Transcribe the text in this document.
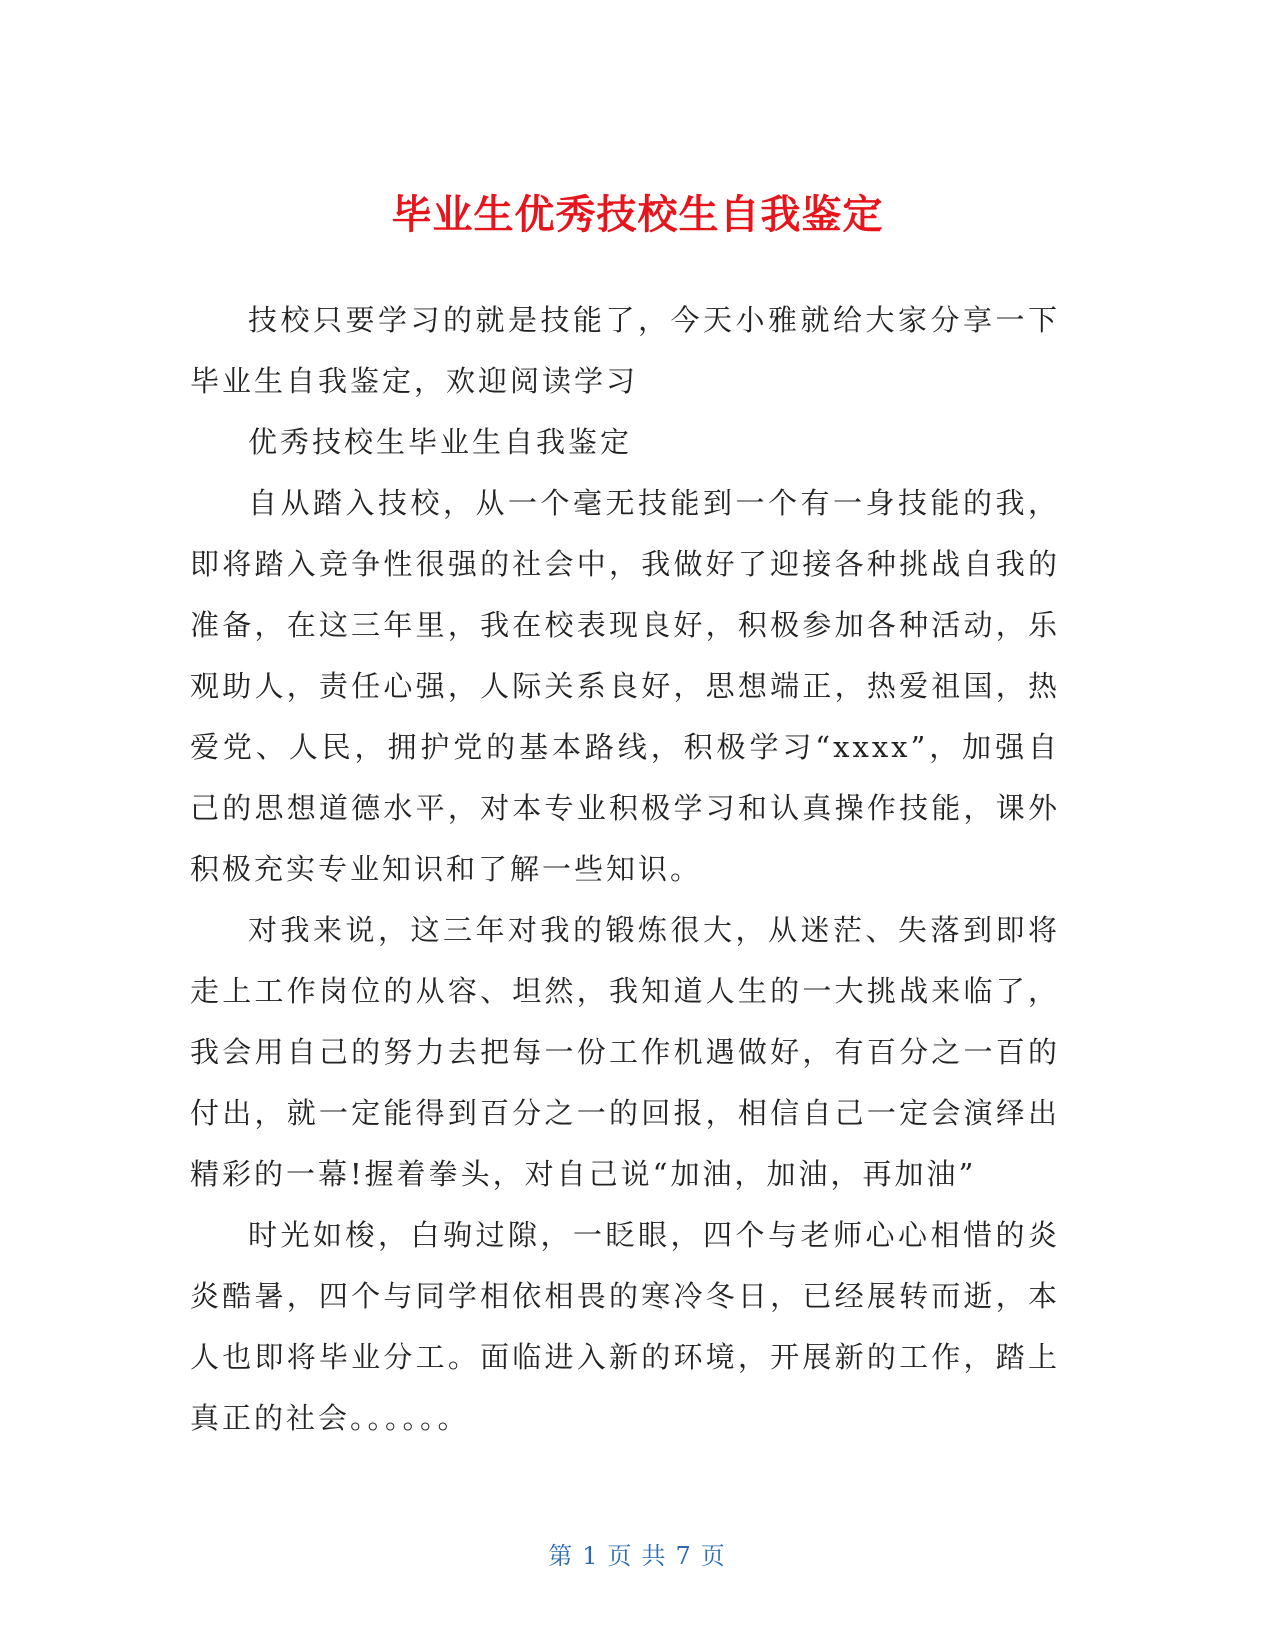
毕业生优秀技校生自我鉴定

技校只要学习的就是技能了，今天小雅就给大家分享一下毕业生自我鉴定，欢迎阅读学习

优秀技校生毕业生自我鉴定

自从踏入技校，从一个毫无技能到一个有一身技能的我，即将踏入竞争性很强的社会中，我做好了迎接各种挑战自我的准备，在这三年里，我在校表现良好，积极参加各种活动，乐观助人，责任心强，人际关系良好，思想端正，热爱祖国，热爱党、人民，拥护党的基本路线，积极学习“xxxx”，加强自己的思想道德水平，对本专业积极学习和认真操作技能，课外积极充实专业知识和了解一些知识。

对我来说，这三年对我的锻炼很大，从迷茫、失落到即将走上工作岗位的从容、坦然，我知道人生的一大挑战来临了，我会用自己的努力去把每一份工作机遇做好，有百分之一百的付出，就一定能得到百分之一的回报，相信自己一定会演绎出精彩的一幕!握着拳头，对自己说“加油，加油，再加油”

时光如梭，白驹过隙，一眨眼，四个与老师心心相惜的炎炎酷暑，四个与同学相依相畏的寒冷冬日，已经展转而逝，本人也即将毕业分工。面临进入新的环境，开展新的工作，踏上真正的社会。。。。。。

第 1 页 共 7 页
